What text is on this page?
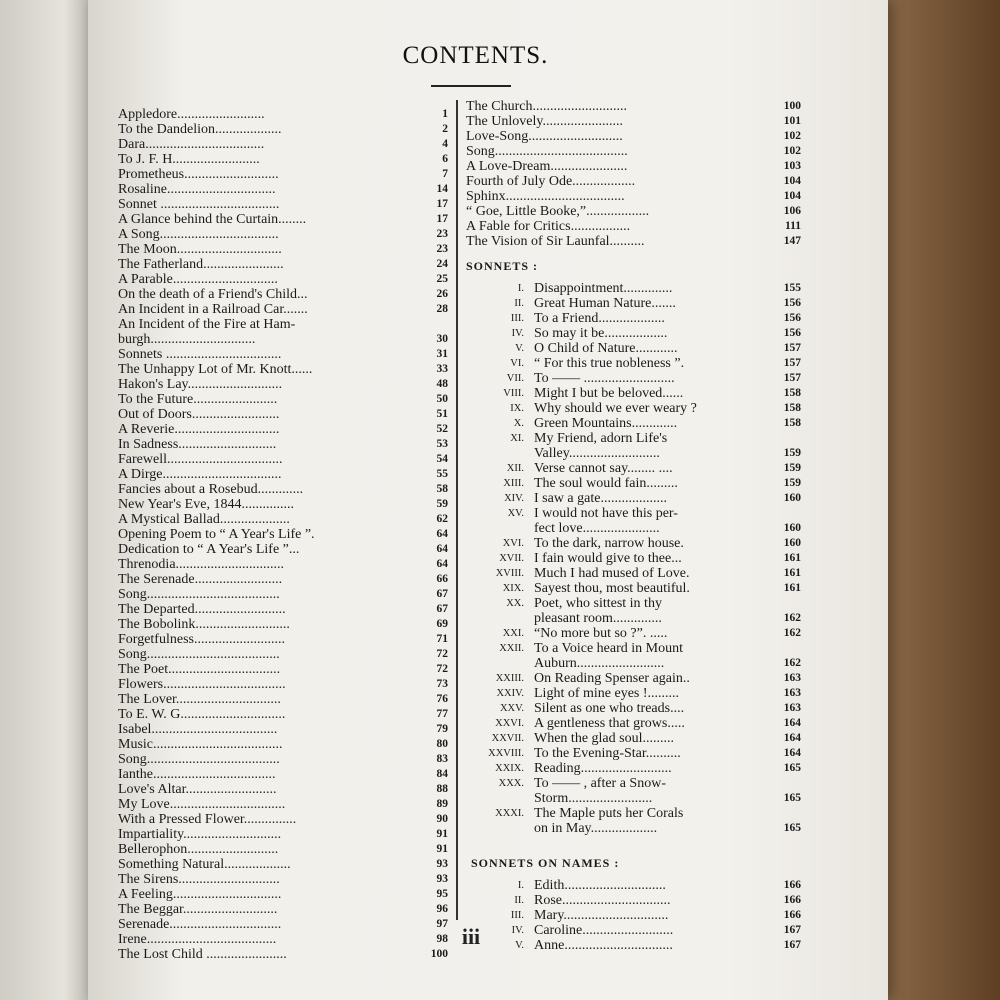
CONTENTS.
Appledore.........................	1
To the Dandelion...................	2
Dara..................................	4
To J. F. H.........................	6
Prometheus...........................	7
Rosaline...............................	14
Sonnet ..................................	17
A Glance behind the Curtain........	17
A Song..................................	23
The Moon..............................	23
The Fatherland.......................	24
A Parable..............................	25
On the death of a Friend's Child...	26
An Incident in a Railroad Car.......	28
An Incident of the Fire at Ham-
burgh..............................	30
Sonnets .................................	31
The Unhappy Lot of Mr. Knott......	33
Hakon's Lay...........................	48
To the Future........................	50
Out of Doors.........................	51
A Reverie..............................	52
In Sadness............................	53
Farewell.................................	54
A Dirge..................................	55
Fancies about a Rosebud.............	58
New Year's Eve, 1844...............	59
A Mystical Ballad....................	62
Opening Poem to “ A Year's Life ”.	64
Dedication to “ A Year's Life ”...	64
Threnodia...............................	64
The Serenade.........................	66
Song......................................	67
The Departed..........................	67
The Bobolink...........................	69
Forgetfulness..........................	71
Song......................................	72
The Poet................................	72
Flowers...................................	73
The Lover..............................	76
To E. W. G..............................	77
Isabel....................................	79
Music.....................................	80
Song......................................	83
Ianthe...................................	84
Love's Altar..........................	88
My Love.................................	89
With a Pressed Flower...............	90
Impartiality............................	91
Bellerophon..........................	91
Something Natural...................	93
The Sirens.............................	93
A Feeling...............................	95
The Beggar...........................	96
Serenade................................	97
Irene.....................................	98
The Lost Child .......................	100
The Church...........................	100
The Unlovely.......................	101
Love-Song...........................	102
Song......................................	102
A Love-Dream......................	103
Fourth of July Ode..................	104
Sphinx..................................	104
“ Goe, Little Booke,”..................	106
A Fable for Critics.................	111
The Vision of Sir Launfal..........	147
SONNETS :
I. Disappointment..............	155
II. Great Human Nature.......	156
III. To a Friend...................	156
IV. So may it be..................	156
V. O Child of Nature............	157
VI. “ For this true nobleness ”.	157
VII. To —— ..........................	157
VIII. Might I but be beloved......	158
IX. Why should we ever weary ?	158
X. Green Mountains.............	158
XI. My Friend, adorn Life's
Valley..........................	159
XII. Verse cannot say........ ....	159
XIII. The soul would fain.........	159
XIV. I saw a gate...................	160
XV. I would not have this per-
fect love......................	160
XVI. To the dark, narrow house.	160
XVII. I fain would give to thee...	161
XVIII. Much I had mused of Love.	161
XIX. Sayest thou, most beautiful.	161
XX. Poet, who sittest in thy
pleasant room..............	162
XXI. “No more but so ?”. .....	162
XXII. To a Voice heard in Mount
Auburn.........................	162
XXIII. On Reading Spenser again..	163
XXIV. Light of mine eyes !.........	163
XXV. Silent as one who treads....	163
XXVI. A gentleness that grows.....	164
XXVII. When the glad soul.........	164
XXVIII. To the Evening-Star..........	164
XXIX. Reading..........................	165
XXX. To —— , after a Snow-
Storm........................	165
XXXI. The Maple puts her Corals
on in May...................	165
SONNETS ON NAMES :
I. Edith.............................	166
II. Rose...............................	166
III. Mary..............................	166
IV. Caroline..........................	167
V. Anne...............................	167
iii
